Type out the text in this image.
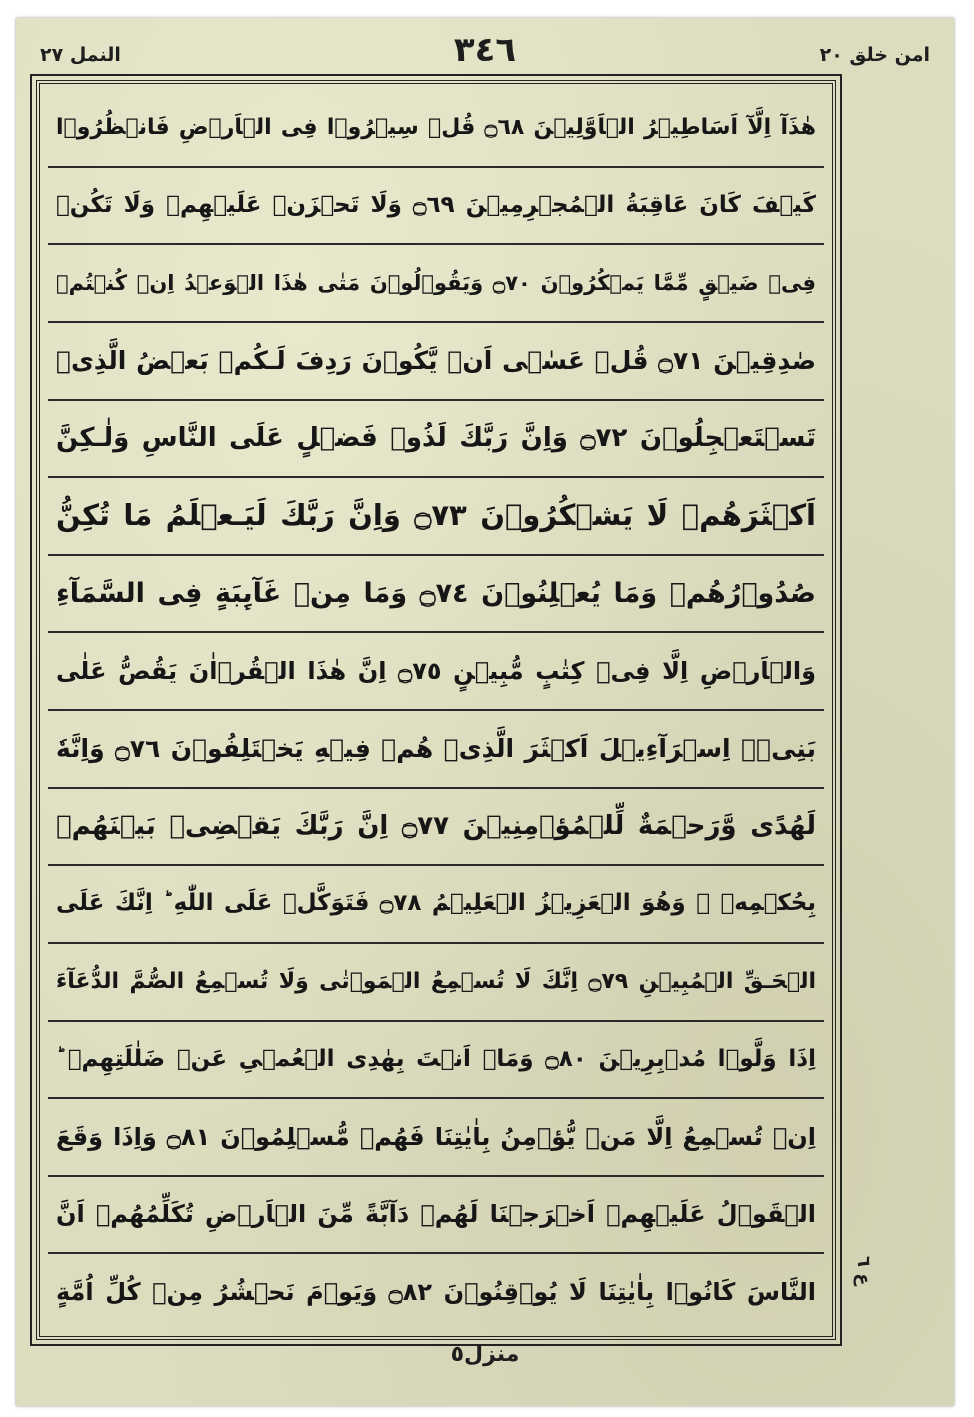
النمل ٢٧	٣٤٦	امن خلق ٢٠
هٰذَآ اِلَّآ اَسَاطِيۡرُ الۡاَوَّلِيۡنَ ۝٦٨ قُلۡ سِيۡرُوۡا فِى الۡاَرۡضِ فَانۡظُرُوۡا
كَيۡفَ كَانَ عَاقِبَةُ الۡمُجۡرِمِيۡنَ ۝٦٩ وَلَا تَحۡزَنۡ عَلَيۡهِمۡ وَلَا تَكُنۡ
فِىۡ ضَيۡقٍ مِّمَّا يَمۡكُرُوۡنَ ۝٧٠ وَيَقُوۡلُوۡنَ مَتٰى هٰذَا الۡوَعۡدُ اِنۡ كُنۡتُمۡ
صٰدِقِيۡنَ ۝٧١ قُلۡ عَسٰۤى اَنۡ يَّكُوۡنَ رَدِفَ لَـكُمۡ بَعۡضُ الَّذِىۡ
تَسۡتَعۡجِلُوۡنَ ۝٧٢ وَاِنَّ رَبَّكَ لَذُوۡ فَضۡلٍ عَلَى النَّاسِ وَلٰـكِنَّ
اَكۡثَرَهُمۡ لَا يَشۡكُرُوۡنَ ۝٧٣ وَاِنَّ رَبَّكَ لَيَـعۡلَمُ مَا تُكِنُّ
صُدُوۡرُهُمۡ وَمَا يُعۡلِنُوۡنَ ۝٧٤ وَمَا مِنۡ غَآٮِٕبَةٍ فِى السَّمَآءِ
وَالۡاَرۡضِ اِلَّا فِىۡ كِتٰبٍ مُّبِيۡنٍ ۝٧٥ اِنَّ هٰذَا الۡقُرۡاٰنَ يَقُصُّ عَلٰى
بَنِىۡۤ اِسۡرَآءِيۡلَ اَكۡثَرَ الَّذِىۡ هُمۡ فِيۡهِ يَخۡتَلِفُوۡنَ ۝٧٦ وَاِنَّهٗ
لَهُدًى وَّرَحۡمَةٌ لِّلۡمُؤۡمِنِيۡنَ ۝٧٧ اِنَّ رَبَّكَ يَقۡضِىۡ بَيۡنَهُمۡ
بِحُكۡمِهٖ‌ ۚ وَهُوَ الۡعَزِيۡزُ الۡعَلِيۡمُ ۝٧٨ فَتَوَكَّلۡ عَلَى اللّٰهِ‌ ؕ اِنَّكَ عَلَى
الۡحَـقِّ الۡمُبِيۡنِ ۝٧٩ اِنَّكَ لَا تُسۡمِعُ الۡمَوۡتٰى وَلَا تُسۡمِعُ الصُّمَّ الدُّعَآءَ
اِذَا وَلَّوۡا مُدۡبِرِيۡنَ ۝٨٠ وَمَاۤ اَنۡتَ بِهٰدِى الۡعُمۡىِ عَنۡ ضَلٰلَتِهِمۡ‌ ؕ
اِنۡ تُسۡمِعُ اِلَّا مَنۡ يُّؤۡمِنُ بِاٰيٰتِنَا فَهُمۡ مُّسۡلِمُوۡنَ ۝٨١ وَاِذَا وَقَعَ
الۡقَوۡلُ عَلَيۡهِمۡ اَخۡرَجۡنَا لَهُمۡ دَآبَّةً مِّنَ الۡاَرۡضِ تُكَلِّمُهُمۡ اَنَّ
النَّاسَ كَانُوۡا بِاٰيٰتِنَا لَا يُوۡقِنُوۡنَ ۝٨٢ وَيَوۡمَ نَحۡشُرُ مِنۡ كُلِّ اُمَّةٍ
ع ٦
منزل٥
